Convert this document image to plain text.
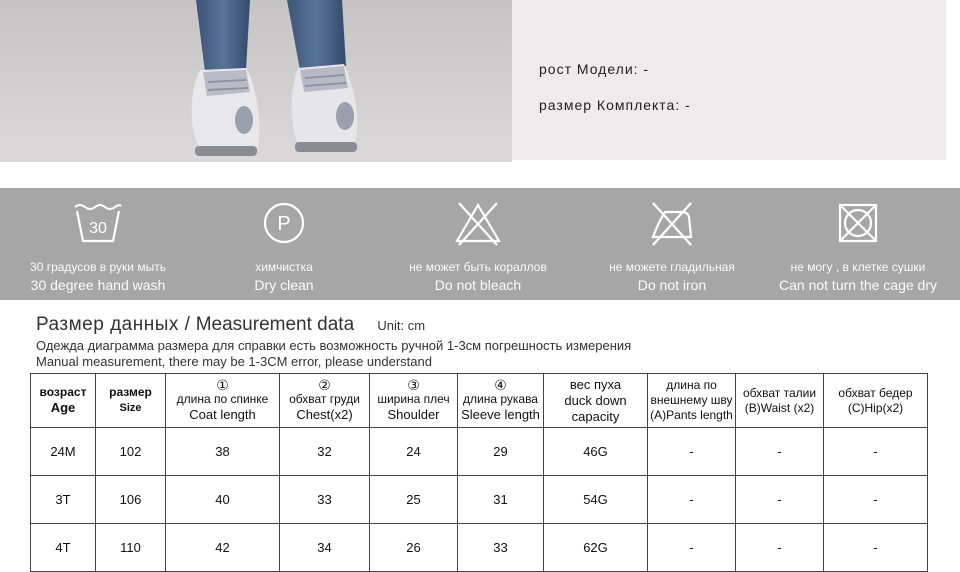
рост Модели: -
размер Комплекта: -
30
30 градусов в руки мыть
30 degree hand wash
P
химчистка
Dry clean
не может быть кораллов
Do not bleach
не можете гладильная
Do not iron
не могу , в клетке сушки
Can not turn the cage dry
Размер данных / Measurement data Unit: cm
Одежда диаграмма размера для справки есть возможность ручной 1-3см погрешность измерения
Manual measurement, there may be 1-3CM error, please understand
возраст
Age	размер
Size	①
длина по спинке
Coat length	②
обхват груди
Chest(x2)	③
ширина плеч
Shoulder	④
длина рукава
Sleeve length	вес пуха
duck down
capacity	длина по
внешнему шву
(A)Pants length	обхват талии
(B)Waist (x2)	обхват бедер
(C)Hip(x2)
24M	102	38	32	24	29	46G	-	-	-
3T	106	40	33	25	31	54G	-	-	-
4T	110	42	34	26	33	62G	-	-	-
